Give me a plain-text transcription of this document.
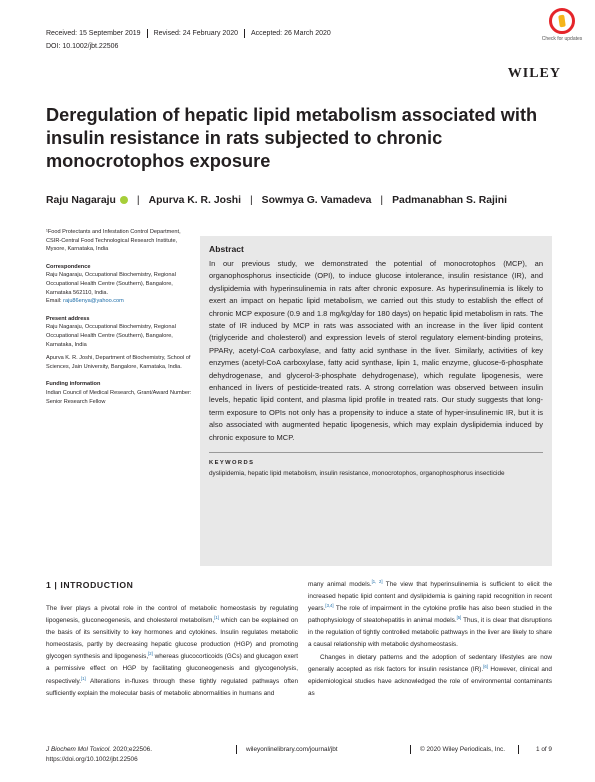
Received: 15 September 2019 Revised: 24 February 2020 Accepted: 26 March 2020
DOI: 10.1002/jbt.22506
Check for updates
WILEY
Deregulation of hepatic lipid metabolism associated with insulin resistance in rats subjected to chronic monocrotophos exposure
Raju Nagaraju | Apurva K. R. Joshi | Sowmya G. Vamadeva | Padmanabhan S. Rajini

¹Food Protectants and Infestation Control Department, CSIR-Central Food Technological Research Institute, Mysore, Karnataka, India

Correspondence

Raju Nagaraju, Occupational Biochemistry, Regional Occupational Health Centre (Southern), Bangalore, Karnataka 562110, India.

Email: raju86enya@yahoo.com

Present address

Raju Nagaraju, Occupational Biochemistry, Regional Occupational Health Centre (Southern), Bangalore, Karnataka, India

Apurva K. R. Joshi, Department of Biochemistry, School of Sciences, Jain University, Bangalore, Karnataka, India.

Funding information

Indian Council of Medical Research, Grant/Award Number: Senior Research Fellow

Abstract

In our previous study, we demonstrated the potential of monocrotophos (MCP), an organophosphorus insecticide (OPI), to induce glucose intolerance, insulin resistance (IR), and dyslipidemia with hyperinsulinemia in rats after chronic exposure. As hyperinsulinemia is likely to exert an impact on hepatic lipid metabolism, we carried out this study to establish the effect of chronic MCP exposure (0.9 and 1.8 mg/kg/day for 180 days) on hepatic lipid metabolism in rats. The state of IR induced by MCP in rats was associated with an increase in the liver lipid content (triglyceride and cholesterol) and expression levels of sterol regulatory element-binding proteins, PPARγ, acetyl-CoA carboxylase, and fatty acid synthase in the liver. Similarly, activities of key enzymes (acetyl-CoA carboxylase, fatty acid synthase, lipin 1, malic enzyme, glucose-6-phosphate dehydrogenase, and glycerol-3-phosphate dehydrogenase), which regulate lipogenesis, were enhanced in livers of pesticide-treated rats. A strong correlation was observed between insulin levels, hepatic lipid content, and plasma lipid profile in treated rats. Our study suggests that long-term exposure to OPIs not only has a propensity to induce a state of hyper-insulinemic IR, but it is also associated with augmented hepatic lipogenesis, which may explain dyslipidemia induced by chronic exposure to MCP.

KEYWORDS
dyslipidemia, hepatic lipid metabolism, insulin resistance, monocrotophos, organophosphorus insecticide
1 | INTRODUCTION
The liver plays a pivotal role in the control of metabolic homeostasis by regulating lipogenesis, gluconeogenesis, and cholesterol metabolism,[1] which can be explained on the basis of its sensitivity to key hormones and cytokines. Insulin regulates metabolic homeostasis, partly by decreasing hepatic glucose production (HGP) and promoting glycogen synthesis and lipogenesis,[2] whereas glucocorticoids (GCs) and glucagon exert a permissive effect on HGP by facilitating gluconeogenesis and glycogenolysis, respectively.[1] Alterations in-fluxes through these tightly regulated pathways often sufficiently explain the molecular basis of metabolic abnormalities in humans and

many animal models.[1, 2] The view that hyperinsulinemia is sufficient to elicit the increased hepatic lipid content and dyslipidemia is gaining rapid recognition in recent years.[3,4] The role of impairment in the cytokine profile has also been studied in the pathophysiology of steatohepatitis in animal models.[5] Thus, it is clear that disruptions in the regulation of tightly controlled metabolic pathways in the liver are likely to share a causal relationship with metabolic dyshomeostasis.

Changes in dietary patterns and the adoption of sedentary lifestyles are now generally accepted as risk factors for insulin resistance (IR).[6] However, clinical and epidemiological studies have acknowledged the role of environmental contaminants as

J Biochem Mol Toxicol. 2020;e22506.
https://doi.org/10.1002/jbt.22506
wileyonlinelibrary.com/journal/jbt	© 2020 Wiley Periodicals, Inc.	1 of 9
